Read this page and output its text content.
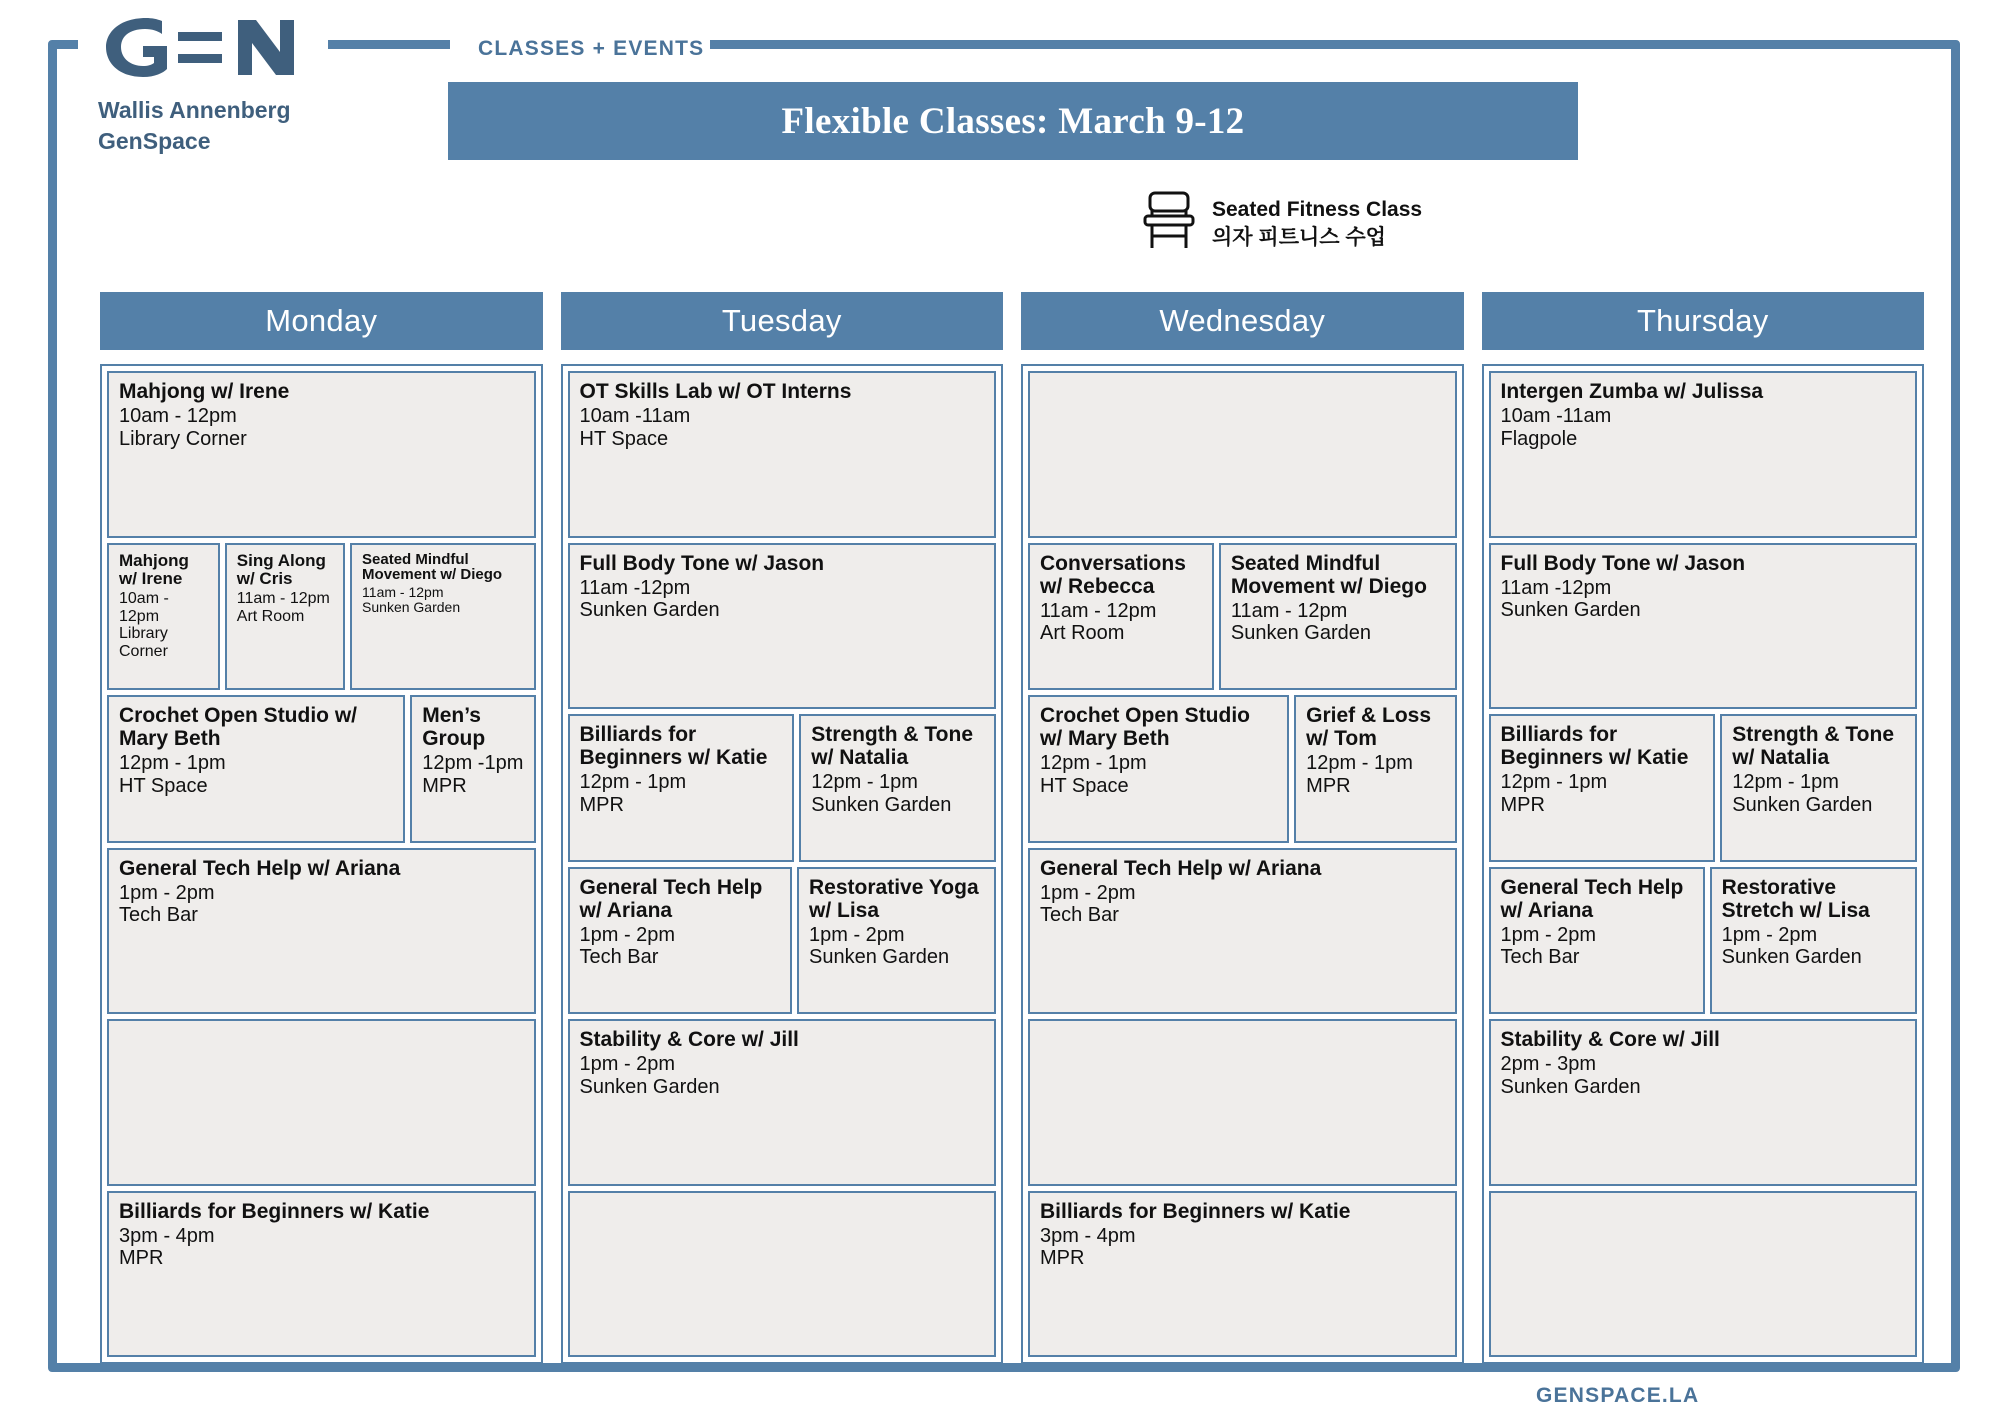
CLASSES + EVENTS
GENSPACE.LA
Wallis Annenberg
GenSpace	Flexible Classes: March 9-12
Seated Fitness Class
의자 피트니스 수업
Monday
Mahjong w/ Irene
10am - 12pm
Library Corner
Mahjong w/ Irene
10am - 12pm
Library Corner
Sing Along w/ Cris
11am - 12pm
Art Room
Seated Mindful Movement w/ Diego
11am - 12pm
Sunken Garden
Crochet Open Studio w/ Mary Beth
12pm - 1pm
HT Space
Men’s Group
12pm -1pm
MPR
General Tech Help w/ Ariana
1pm - 2pm
Tech Bar
Billiards for Beginners w/ Katie
3pm - 4pm
MPR
Tuesday
OT Skills Lab w/ OT Interns
10am -11am
HT Space
Full Body Tone w/ Jason
11am -12pm
Sunken Garden
Billiards for Beginners w/ Katie
12pm - 1pm
MPR
Strength & Tone w/ Natalia
12pm - 1pm
Sunken Garden
General Tech Help w/ Ariana
1pm - 2pm
Tech Bar
Restorative Yoga w/ Lisa
1pm - 2pm
Sunken Garden
Stability & Core w/ Jill
1pm - 2pm
Sunken Garden
Wednesday
Conversations w/ Rebecca
11am - 12pm
Art Room
Seated Mindful Movement w/ Diego
11am - 12pm
Sunken Garden
Crochet Open Studio w/ Mary Beth
12pm - 1pm
HT Space
Grief & Loss w/ Tom
12pm - 1pm
MPR
General Tech Help w/ Ariana
1pm - 2pm
Tech Bar
Billiards for Beginners w/ Katie
3pm - 4pm
MPR
Thursday
Intergen Zumba w/ Julissa
10am -11am
Flagpole
Full Body Tone w/ Jason
11am -12pm
Sunken Garden
Billiards for Beginners w/ Katie
12pm - 1pm
MPR
Strength & Tone w/ Natalia
12pm - 1pm
Sunken Garden
General Tech Help w/ Ariana
1pm - 2pm
Tech Bar
Restorative Stretch w/ Lisa
1pm - 2pm
Sunken Garden
Stability & Core w/ Jill
2pm - 3pm
Sunken Garden
